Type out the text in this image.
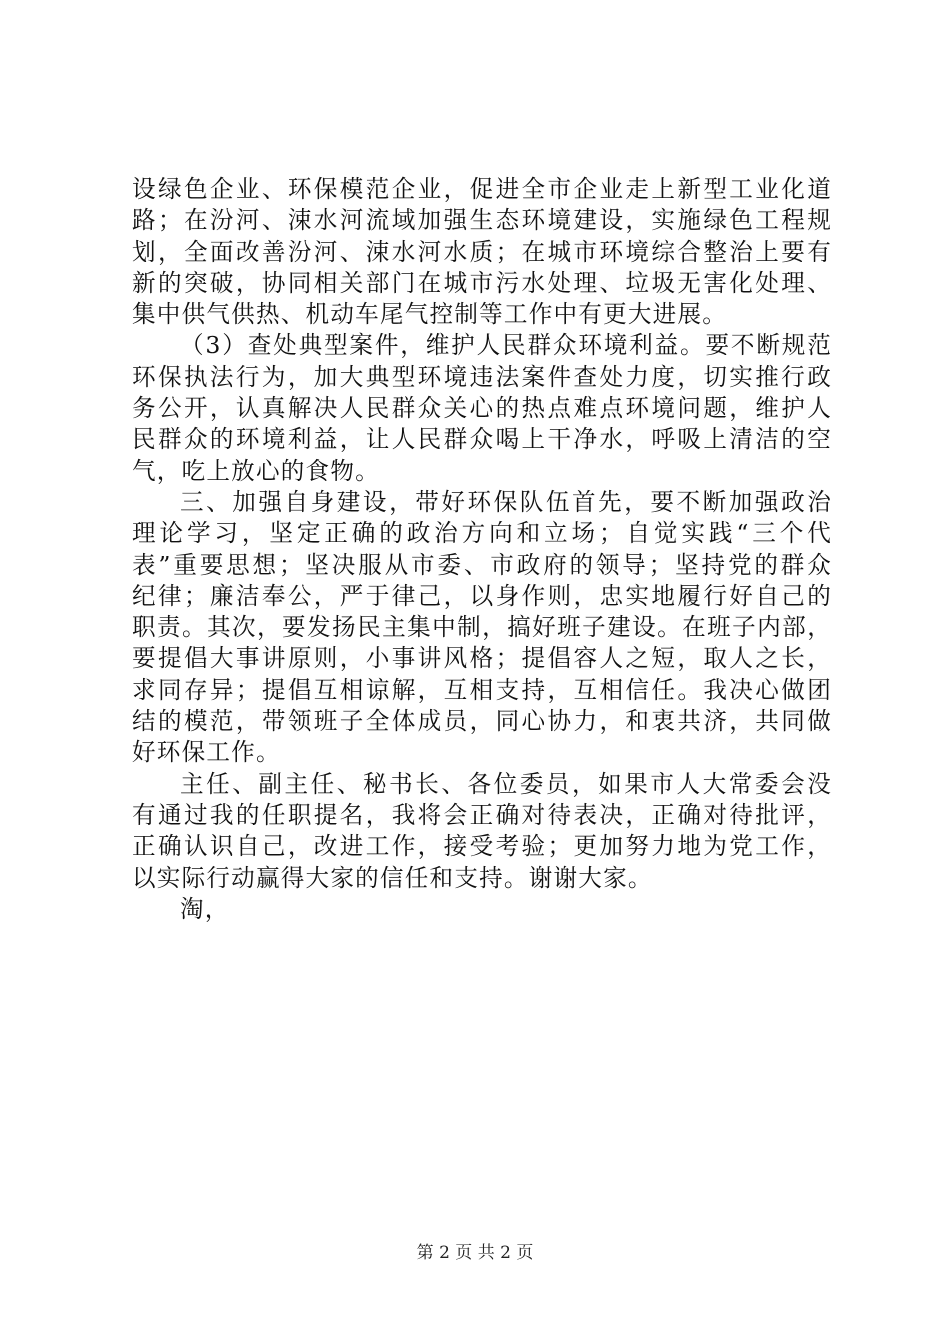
设绿色企业、环保模范企业，促进全市企业走上新型工业化道
路；在汾河、涑水河流域加强生态环境建设，实施绿色工程规
划，全面改善汾河、涑水河水质；在城市环境综合整治上要有
新的突破，协同相关部门在城市污水处理、垃圾无害化处理、
集中供气供热、机动车尾气控制等工作中有更大进展。
（3）查处典型案件，维护人民群众环境利益。要不断规范
环保执法行为，加大典型环境违法案件查处力度，切实推行政
务公开，认真解决人民群众关心的热点难点环境问题，维护人
民群众的环境利益，让人民群众喝上干净水，呼吸上清洁的空
气，吃上放心的食物。
三、加强自身建设，带好环保队伍首先，要不断加强政治
理论学习，坚定正确的政治方向和立场；自觉实践“三个代
表”重要思想；坚决服从市委、市政府的领导；坚持党的群众
纪律；廉洁奉公，严于律己，以身作则，忠实地履行好自己的
职责。其次，要发扬民主集中制，搞好班子建设。在班子内部，
要提倡大事讲原则，小事讲风格；提倡容人之短，取人之长，
求同存异；提倡互相谅解，互相支持，互相信任。我决心做团
结的模范，带领班子全体成员，同心协力，和衷共济，共同做
好环保工作。
主任、副主任、秘书长、各位委员，如果市人大常委会没
有通过我的任职提名，我将会正确对待表决，正确对待批评，
正确认识自己，改进工作，接受考验；更加努力地为党工作，
以实际行动赢得大家的信任和支持。谢谢大家。
淘，
第 2 页 共 2 页
